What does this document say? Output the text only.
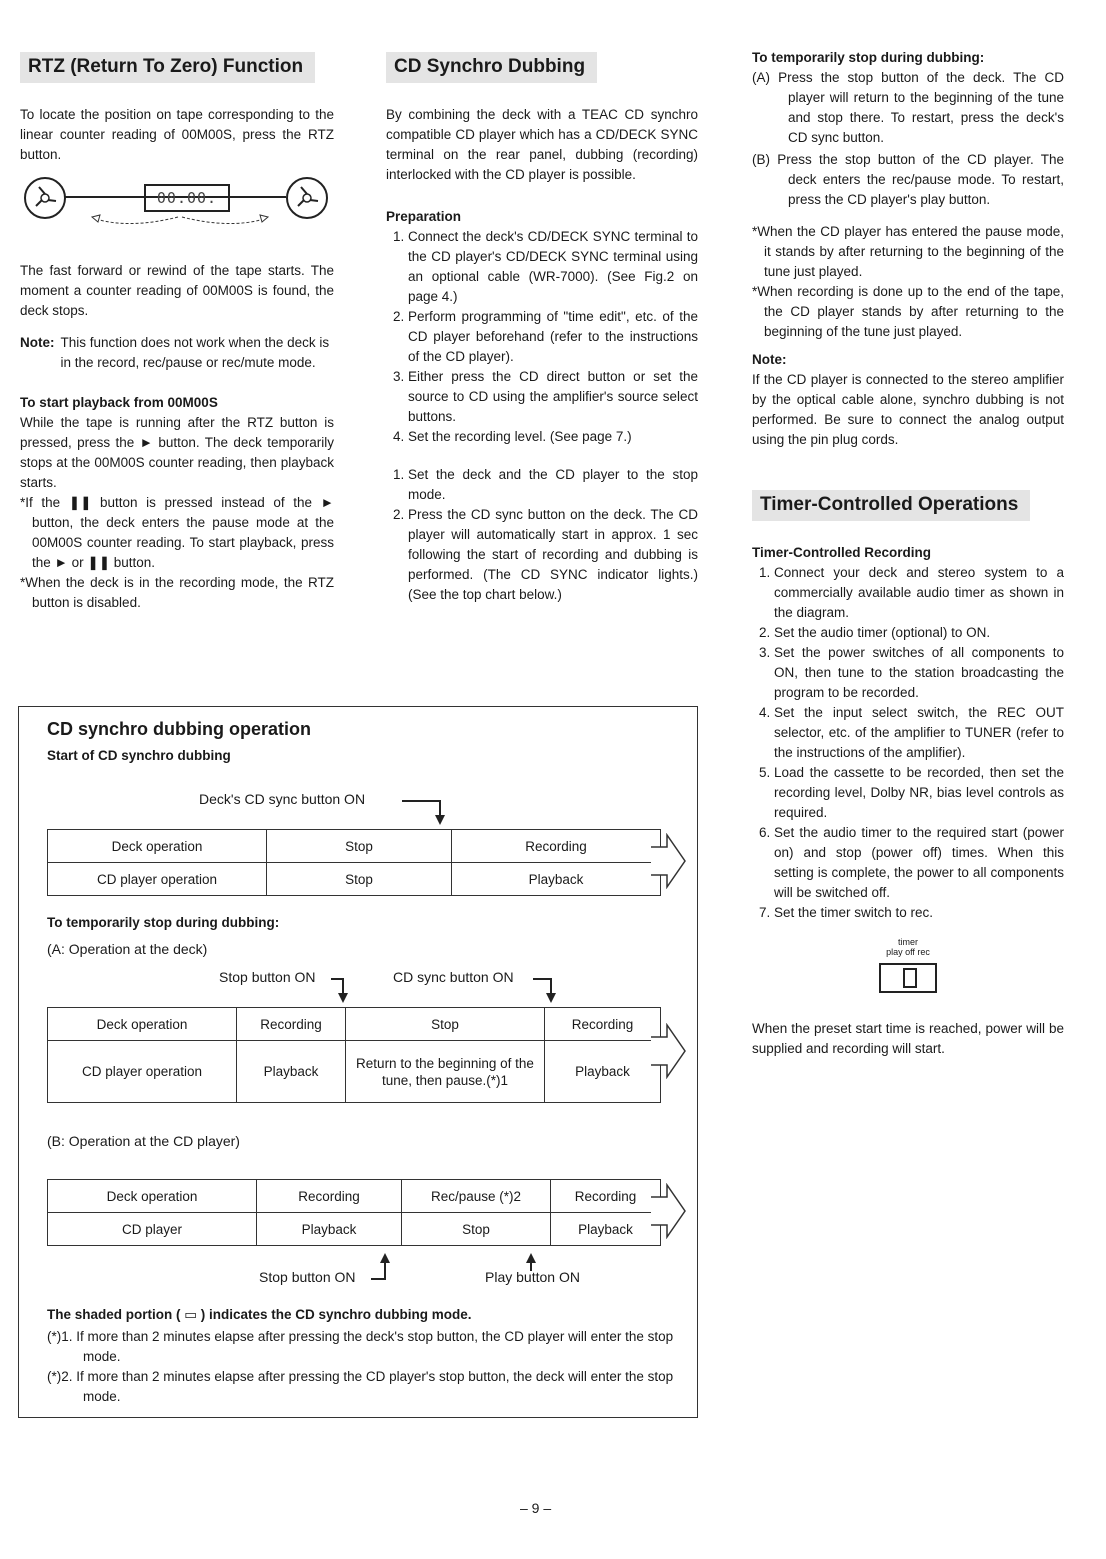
RTZ (Return To Zero) Function

To locate the position on tape corresponding to the linear counter reading of 00M00S, press the RTZ button.

00.00.

The fast forward or rewind of the tape starts. The moment a counter reading of 00M00S is found, the deck stops.

Note: This function does not work when the deck is in the record, rec/pause or rec/mute mode.
To start playback from 00M00S

While the tape is running after the RTZ button is pressed, press the ► button. The deck temporarily stops at the 00M00S counter reading, then playback starts.

*If the ❚❚ button is pressed instead of the ► button, the deck enters the pause mode at the 00M00S counter reading. To start playback, press the ► or ❚❚ button.
*When the deck is in the recording mode, the RTZ button is disabled.
CD Synchro Dubbing

By combining the deck with a TEAC CD synchro compatible CD player which has a CD/DECK SYNC terminal on the rear panel, dubbing (recording) interlocked with the CD player is possible.

Preparation
1. Connect the deck's CD/DECK SYNC terminal to the CD player's CD/DECK SYNC terminal using an optional cable (WR-7000). (See Fig.2 on page 4.)
2. Perform programming of "time edit", etc. of the CD player beforehand (refer to the instructions of the CD player).
3. Either press the CD direct button or set the source to CD using the amplifier's source select buttons.
4. Set the recording level. (See page 7.)
1. Set the deck and the CD player to the stop mode.
2. Press the CD sync button on the deck. The CD player will automatically start in approx. 1 sec following the start of recording and dubbing is performed. (The CD SYNC indicator lights.) (See the top chart below.)
To temporarily stop during dubbing:

(A) Press the stop button of the deck. The CD player will return to the beginning of the tune and stop there. To restart, press the deck's CD sync button.

(B) Press the stop button of the CD player. The deck enters the rec/pause mode. To restart, press the CD player's play button.

*When the CD player has entered the pause mode, it stands by after returning to the beginning of the tune just played.
*When recording is done up to the end of the tape, the CD player stands by after returning to the beginning of the tune just played.
Note:

If the CD player is connected to the stereo amplifier by the optical cable alone, synchro dubbing is not performed. Be sure to connect the analog output using the pin plug cords.

Timer-Controlled Operations
Timer-Controlled Recording
1. Connect your deck and stereo system to a commercially available audio timer as shown in the diagram.
2. Set the audio timer (optional) to ON.
3. Set the power switches of all components to ON, then tune to the station broadcasting the program to be recorded.
4. Set the input select switch, the REC OUT selector, etc. of the amplifier to TUNER (refer to the instructions of the amplifier).
5. Load the cassette to be recorded, then set the recording level, Dolby NR, bias level controls as required.
6. Set the audio timer to the required start (power on) and stop (power off) times. When this setting is complete, the power to all components will be switched off.
7. Set the timer switch to rec.
timer
play off rec

When the preset start time is reached, power will be supplied and recording will start.

CD synchro dubbing operation
Start of CD synchro dubbing
Deck's CD sync button ON
Deck operation	Stop	Recording
CD player operation	Stop	Playback
To temporarily stop during dubbing:
(A: Operation at the deck)
Stop button ON	CD sync button ON
Deck operation	Recording	Stop	Recording
CD player operation	Playback	Return to the beginning of the tune, then pause.(*)1	Playback
(B: Operation at the CD player)
Deck operation	Recording	Rec/pause (*)2	Recording
CD player	Playback	Stop	Playback
Stop button ON	Play button ON
The shaded portion ( ▭ ) indicates the CD synchro dubbing mode.
(*)1. If more than 2 minutes elapse after pressing the deck's stop button, the CD player will enter the stop mode.
(*)2. If more than 2 minutes elapse after pressing the CD player's stop button, the deck will enter the stop mode.
– 9 –
